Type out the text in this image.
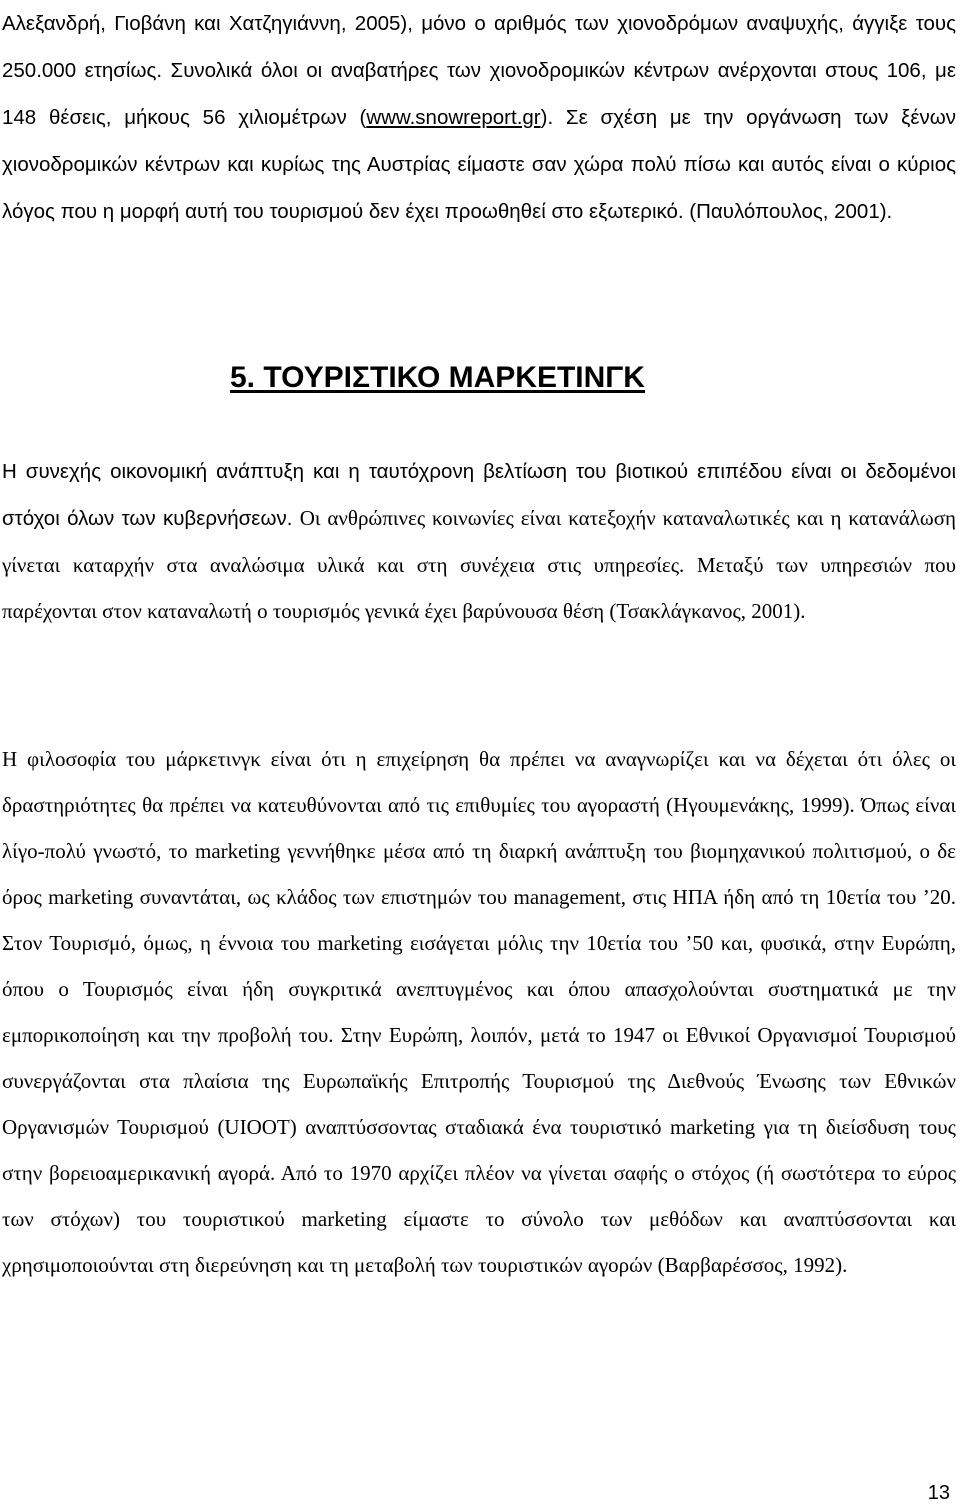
Αλεξανδρή, Γιοβάνη και Χατζηγιάννη, 2005), μόνο ο αριθμός των χιονοδρόμων αναψυχής, άγγιξε τους 250.000 ετησίως. Συνολικά όλοι οι αναβατήρες των χιονοδρομικών κέντρων ανέρχονται στους 106, με 148 θέσεις, μήκους 56 χιλιομέτρων (www.snowreport.gr). Σε σχέση με την οργάνωση των ξένων χιονοδρομικών κέντρων και κυρίως της Αυστρίας είμαστε σαν χώρα πολύ πίσω και αυτός είναι ο κύριος λόγος που η μορφή αυτή του τουρισμού δεν έχει προωθηθεί στο εξωτερικό. (Παυλόπουλος, 2001).

5. ΤΟΥΡΙΣΤΙΚΟ ΜΑΡΚΕΤΙΝΓΚ

Η συνεχής οικονομική ανάπτυξη και η ταυτόχρονη βελτίωση του βιοτικού επιπέδου είναι οι δεδομένοι στόχοι όλων των κυβερνήσεων. Οι ανθρώπινες κοινωνίες είναι κατεξοχήν καταναλωτικές και η κατανάλωση γίνεται καταρχήν στα αναλώσιμα υλικά και στη συνέχεια στις υπηρεσίες. Μεταξύ των υπηρεσιών που παρέχονται στον καταναλωτή ο τουρισμός γενικά έχει βαρύνουσα θέση (Τσακλάγκανος, 2001).

Η φιλοσοφία του μάρκετινγκ είναι ότι η επιχείρηση θα πρέπει να αναγνωρίζει και να δέχεται ότι όλες οι δραστηριότητες θα πρέπει να κατευθύνονται από τις επιθυμίες του αγοραστή (Ηγουμενάκης, 1999). Όπως είναι λίγο-πολύ γνωστό, το marketing γεννήθηκε μέσα από τη διαρκή ανάπτυξη του βιομηχανικού πολιτισμού, ο δε όρος marketing συναντάται, ως κλάδος των επιστημών του management, στις ΗΠΑ ήδη από τη 10ετία του ’20. Στον Τουρισμό, όμως, η έννοια του marketing εισάγεται μόλις την 10ετία του ’50 και, φυσικά, στην Ευρώπη, όπου ο Τουρισμός είναι ήδη συγκριτικά ανεπτυγμένος και όπου απασχολούνται συστηματικά με την εμπορικοποίηση και την προβολή του. Στην Ευρώπη, λοιπόν, μετά το 1947 οι Εθνικοί Οργανισμοί Τουρισμού συνεργάζονται στα πλαίσια της Ευρωπαϊκής Επιτροπής Τουρισμού της Διεθνούς Ένωσης των Εθνικών Οργανισμών Τουρισμού (UIOOT) αναπτύσσοντας σταδιακά ένα τουριστικό marketing για τη διείσδυση τους στην βορειοαμερικανική αγορά. Από το 1970 αρχίζει πλέον να γίνεται σαφής ο στόχος (ή σωστότερα το εύρος των στόχων) του τουριστικού marketing είμαστε το σύνολο των μεθόδων και αναπτύσσονται και χρησιμοποιούνται στη διερεύνηση και τη μεταβολή των τουριστικών αγορών (Βαρβαρέσσος, 1992).

13
